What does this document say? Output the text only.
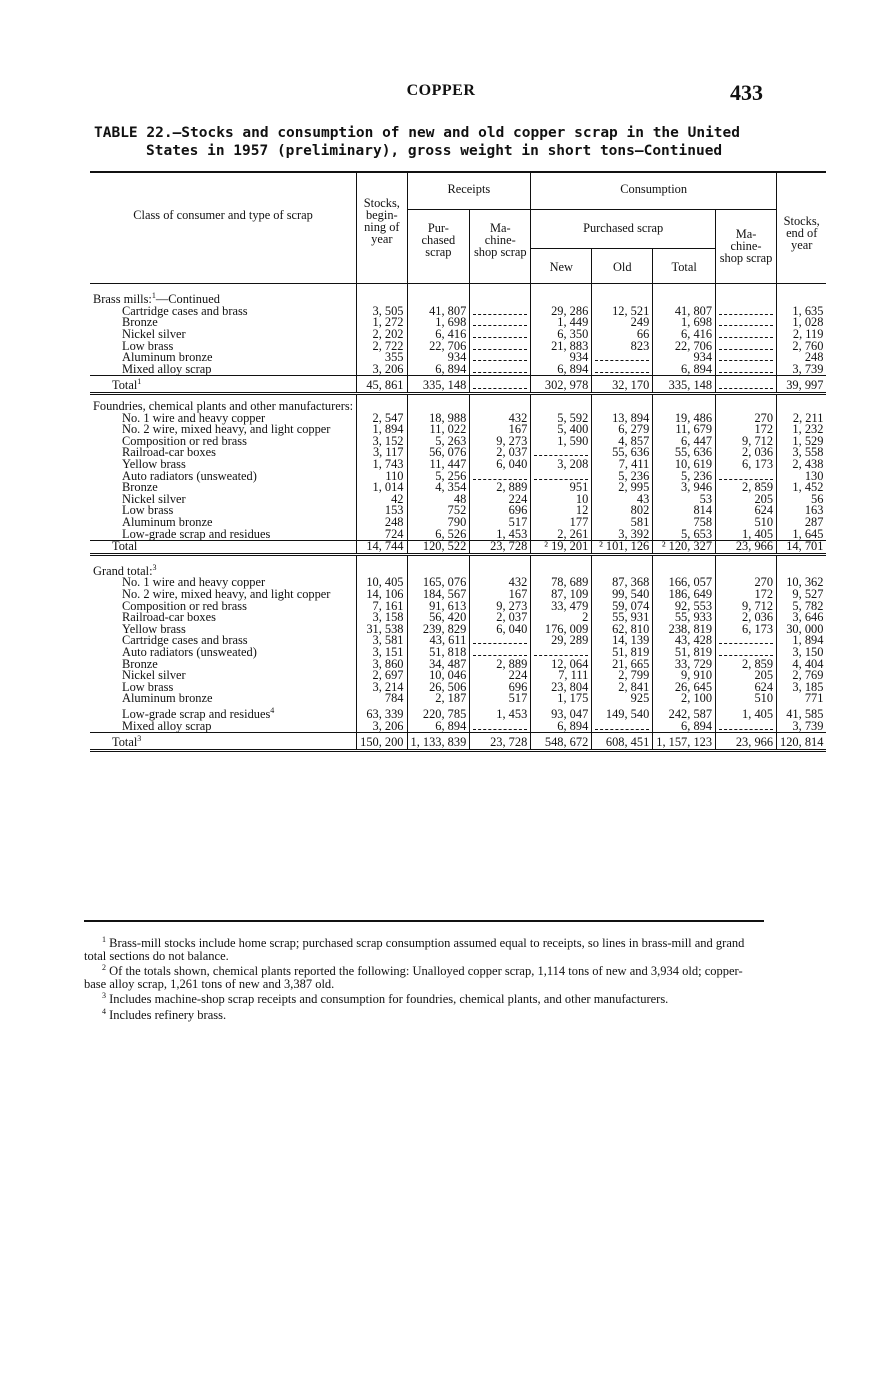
COPPER	433
TABLE 22.—Stocks and consumption of new and old copper scrap in the United
States in 1957 (preliminary), gross weight in short tons—Continued
Class of consumer and type of scrap	Stocks, begin- ning of year	Receipts		Consumption				Stocks, end of year
		Pur- chased scrap	Ma- chine- shop scrap	Purchased scrap			Ma- chine- shop scrap	
				New	Old	Total		
Brass mills:$^1$—Continued								
Cartridge cases and brass	3, 505	41, 807		29, 286	12, 521	41, 807		1, 635
Bronze	1, 272	1, 698		1, 449	249	1, 698		1, 028
Nickel silver	2, 202	6, 416		6, 350	66	6, 416		2, 119
Low brass	2, 722	22, 706		21, 883	823	22, 706		2, 760
Aluminum bronze	355	934		934		934		248
Mixed alloy scrap	3, 206	6, 894		6, 894		6, 894		3, 739
Total$^1$	45, 861	335, 148		302, 978	32, 170	335, 148		39, 997
Foundries, chemical plants and other manufacturers:								
No. 1 wire and heavy copper	2, 547	18, 988	432	5, 592	13, 894	19, 486	270	2, 211
No. 2 wire, mixed heavy, and light copper	1, 894	11, 022	167	5, 400	6, 279	11, 679	172	1, 232
Composition or red brass	3, 152	5, 263	9, 273	1, 590	4, 857	6, 447	9, 712	1, 529
Railroad-car boxes	3, 117	56, 076	2, 037		55, 636	55, 636	2, 036	3, 558
Yellow brass	1, 743	11, 447	6, 040	3, 208	7, 411	10, 619	6, 173	2, 438
Auto radiators (unsweated)	110	5, 256			5, 236	5, 236		130
Bronze	1, 014	4, 354	2, 889	951	2, 995	3, 946	2, 859	1, 452
Nickel silver	42	48	224	10	43	53	205	56
Low brass	153	752	696	12	802	814	624	163
Aluminum bronze	248	790	517	177	581	758	510	287
Low-grade scrap and residues	724	6, 526	1, 453	2, 261	3, 392	5, 653	1, 405	1, 645
Total	14, 744	120, 522	23, 728	² 19, 201	² 101, 126	² 120, 327	23, 966	14, 701
Grand total:$^3$								
No. 1 wire and heavy copper	10, 405	165, 076	432	78, 689	87, 368	166, 057	270	10, 362
No. 2 wire, mixed heavy, and light copper	14, 106	184, 567	167	87, 109	99, 540	186, 649	172	9, 527
Composition or red brass	7, 161	91, 613	9, 273	33, 479	59, 074	92, 553	9, 712	5, 782
Railroad-car boxes	3, 158	56, 420	2, 037	2	55, 931	55, 933	2, 036	3, 646
Yellow brass	31, 538	239, 829	6, 040	176, 009	62, 810	238, 819	6, 173	30, 000
Cartridge cases and brass	3, 581	43, 611		29, 289	14, 139	43, 428		1, 894
Auto radiators (unsweated)	3, 151	51, 818			51, 819	51, 819		3, 150
Bronze	3, 860	34, 487	2, 889	12, 064	21, 665	33, 729	2, 859	4, 404
Nickel silver	2, 697	10, 046	224	7, 111	2, 799	9, 910	205	2, 769
Low brass	3, 214	26, 506	696	23, 804	2, 841	26, 645	624	3, 185
Aluminum bronze	784	2, 187	517	1, 175	925	2, 100	510	771
Low-grade scrap and residues$^4$	63, 339	220, 785	1, 453	93, 047	149, 540	242, 587	1, 405	41, 585
Mixed alloy scrap	3, 206	6, 894		6, 894		6, 894		3, 739
Total$^3$	150, 200	1, 133, 839	23, 728	548, 672	608, 451	1, 157, 123	23, 966	120, 814

$^1$ Brass-mill stocks include home scrap; purchased scrap consumption assumed equal to receipts, so lines in brass-mill and grand total sections do not balance.

$^2$ Of the totals shown, chemical plants reported the following: Unalloyed copper scrap, 1,114 tons of new and 3,934 old; copper-base alloy scrap, 1,261 tons of new and 3,387 old.

$^3$ Includes machine-shop scrap receipts and consumption for foundries, chemical plants, and other manufacturers.

$^4$ Includes refinery brass.
